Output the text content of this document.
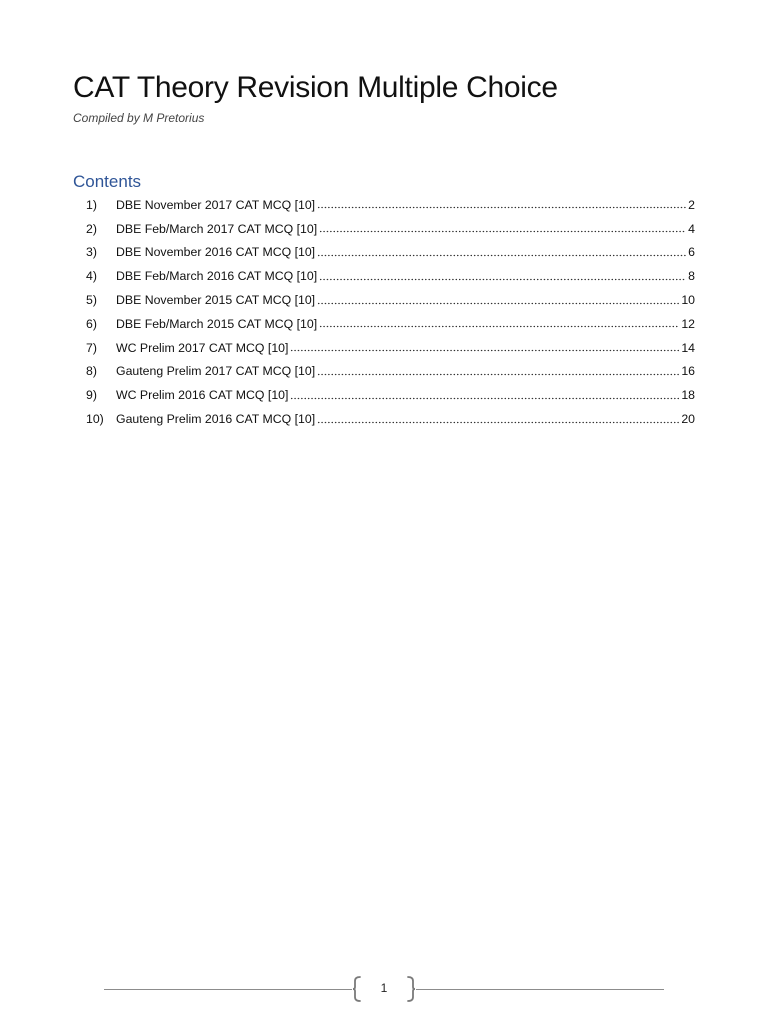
CAT Theory Revision Multiple Choice
Compiled by M Pretorius
Contents
1)	DBE November 2017 CAT MCQ [10]	2
2)	DBE Feb/March 2017 CAT MCQ [10]	4
3)	DBE November 2016 CAT MCQ [10]	6
4)	DBE Feb/March 2016 CAT MCQ [10]	8
5)	DBE November 2015 CAT MCQ [10]	10
6)	DBE Feb/March 2015 CAT MCQ [10]	12
7)	WC Prelim 2017 CAT MCQ [10]	14
8)	Gauteng Prelim 2017 CAT MCQ [10]	16
9)	WC Prelim 2016 CAT MCQ [10]	18
10) Gauteng Prelim 2016 CAT MCQ [10]	20
1
